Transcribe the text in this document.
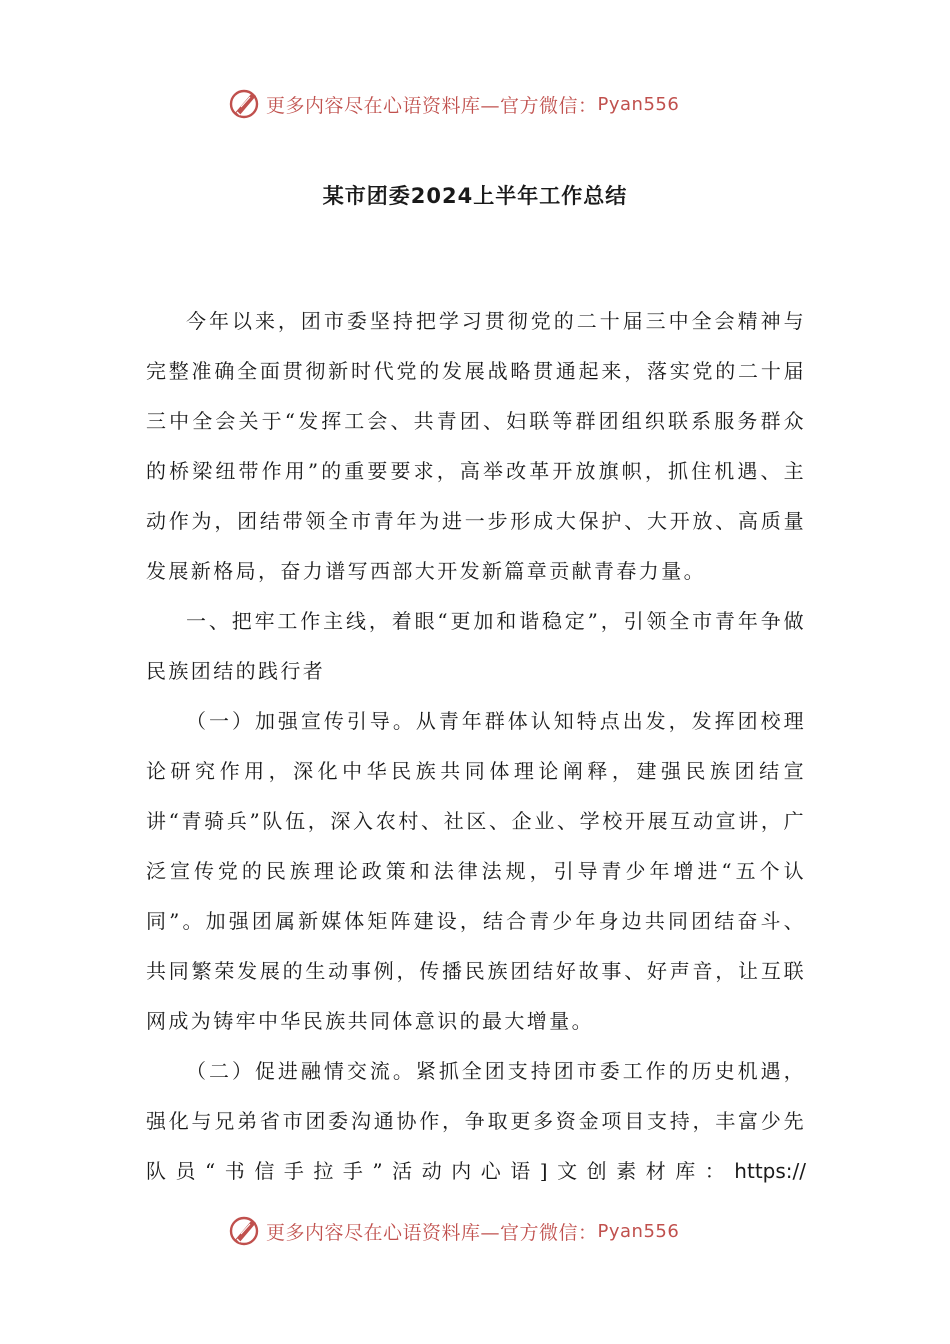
更多内容尽在心语资料库—官方微信： Pyan556
某市团委2024上半年工作总结

今年以来，团市委坚持把学习贯彻党的二十届三中全会精神与完整准确全面贯彻新时代党的发展战略贯通起来，落实党的二十届三中全会关于“发挥工会、共青团、妇联等群团组织联系服务群众的桥梁纽带作用”的重要要求，高举改革开放旗帜，抓住机遇、主动作为，团结带领全市青年为进一步形成大保护、大开放、高质量发展新格局，奋力谱写西部大开发新篇章贡献青春力量。

一、把牢工作主线，着眼“更加和谐稳定”，引领全市青年争做民族团结的践行者

（一）加强宣传引导。从青年群体认知特点出发，发挥团校理论研究作用，深化中华民族共同体理论阐释，建强民族团结宣讲“青骑兵”队伍，深入农村、社区、企业、学校开展互动宣讲，广泛宣传党的民族理论政策和法律法规，引导青少年增进“五个认同”。加强团属新媒体矩阵建设，结合青少年身边共同团结奋斗、共同繁荣发展的生动事例，传播民族团结好故事、好声音，让互联网成为铸牢中华民族共同体意识的最大增量。

（二）促进融情交流。紧抓全团支持团市委工作的历史机遇，强化与兄弟省市团委沟通协作，争取更多资金项目支持，丰富少先队员“书信手拉手”活动内心语]文创素材库：https://

更多内容尽在心语资料库—官方微信： Pyan556
